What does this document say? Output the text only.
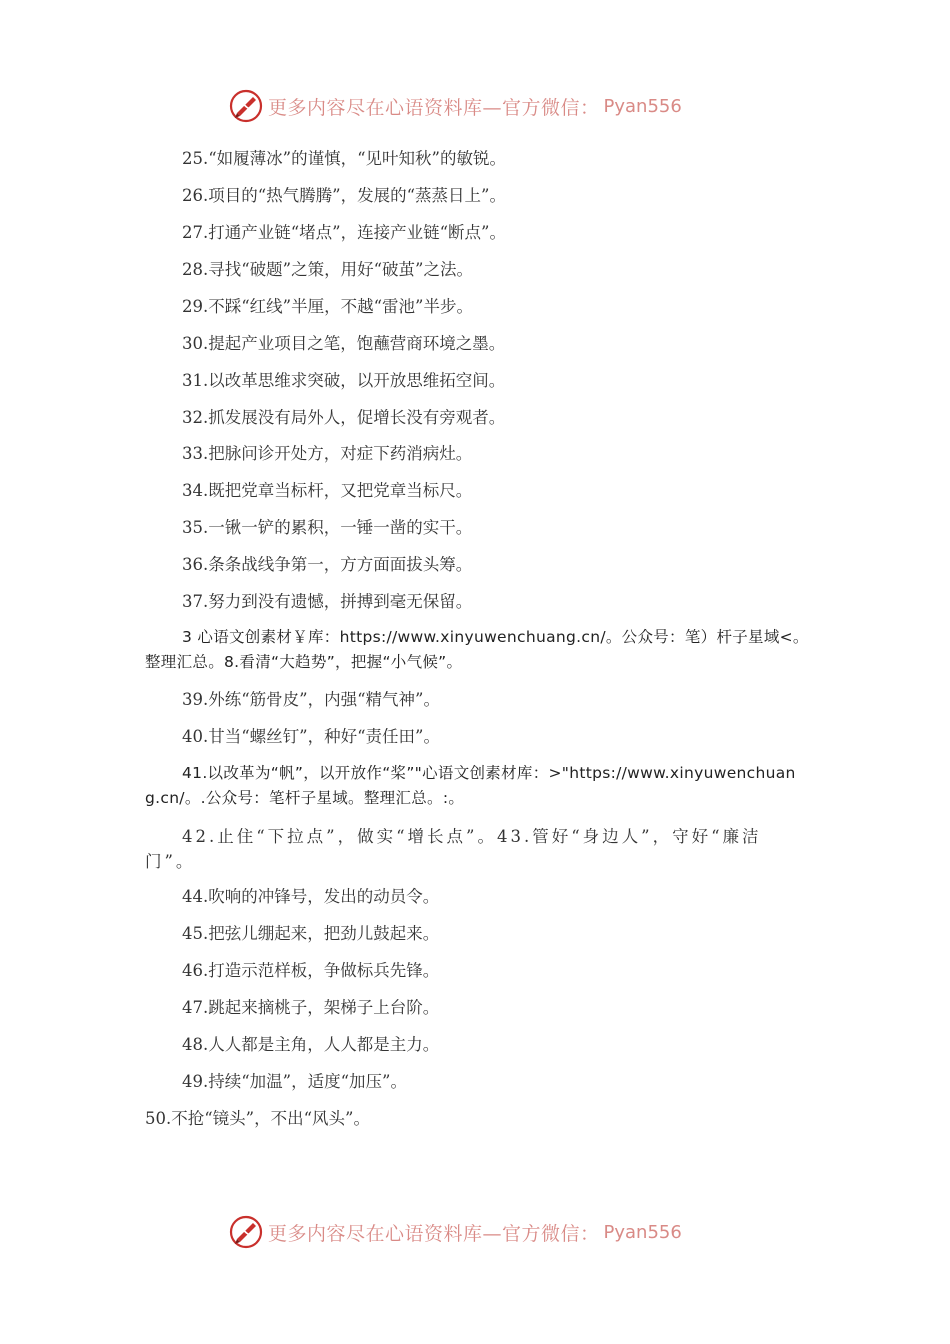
更多内容尽在心语资料库—官方微信： Pyan556
25.“如履薄冰”的谨慎，“见叶知秋”的敏锐。
26.项目的“热气腾腾”，发展的“蒸蒸日上”。
27.打通产业链“堵点”，连接产业链“断点”。
28.寻找“破题”之策，用好“破茧”之法。
29.不踩“红线”半厘，不越“雷池”半步。
30.提起产业项目之笔，饱蘸营商环境之墨。
31.以改革思维求突破，以开放思维拓空间。
32.抓发展没有局外人，促增长没有旁观者。
33.把脉问诊开处方，对症下药消病灶。
34.既把党章当标杆，又把党章当标尺。
35.一锹一铲的累积，一锤一凿的实干。
36.条条战线争第一，方方面面拔头筹。
37.努力到没有遗憾，拼搏到毫无保留。
3 心语文创素材￥库：https://www.xinyuwenchuang.cn/。公众号：笔）杆子星域<。整理汇总。8.看清“大趋势”，把握“小气候”。
39.外练“筋骨皮”，内强“精气神”。
40.甘当“螺丝钉”，种好“责任田”。
41.以改革为“帆”，以开放作“桨”"心语文创素材库：>"https://www.xinyuwenchuang.cn/。.公众号：笔杆子星域。整理汇总。:。
42.止住“下拉点”，做实“增长点”。43.管好“身边人”，守好“廉洁门”。
44.吹响的冲锋号，发出的动员令。
45.把弦儿绷起来，把劲儿鼓起来。
46.打造示范样板，争做标兵先锋。
47.跳起来摘桃子，架梯子上台阶。
48.人人都是主角，人人都是主力。
49.持续“加温”，适度“加压”。
50.不抢“镜头”，不出“风头”。
更多内容尽在心语资料库—官方微信： Pyan556
